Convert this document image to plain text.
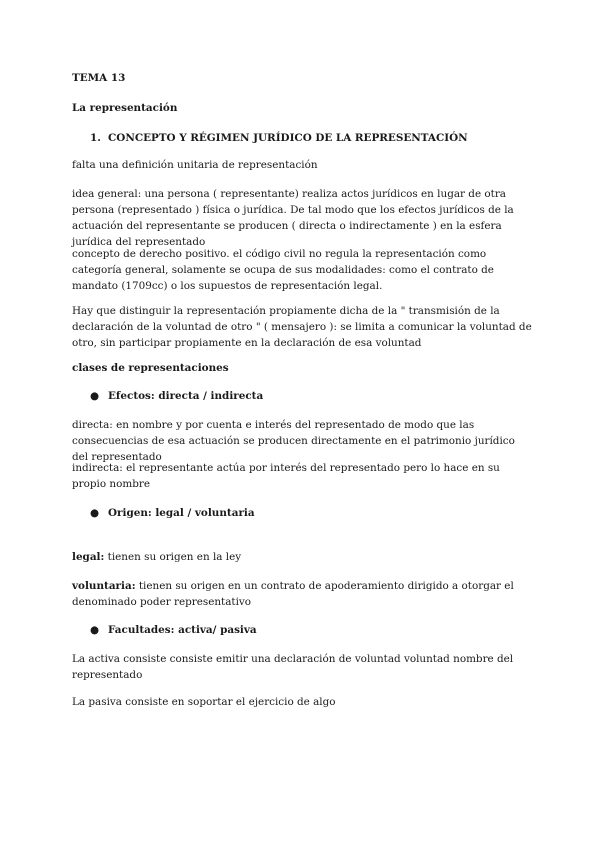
TEMA 13

La representación

1. CONCEPTO Y RÉGIMEN JURÍDICO DE LA REPRESENTACIÓN

falta una definición unitaria de representación

idea general: una persona ( representante) realiza actos jurídicos en lugar de otra persona (representado ) física o jurídica. De tal modo que los efectos jurídicos de la actuación del representante se producen ( directa o indirectamente ) en la esfera jurídica del representado

concepto de derecho positivo. el código civil no regula la representación como categoría general, solamente se ocupa de sus modalidades: como el contrato de mandato (1709cc) o los supuestos de representación legal.

Hay que distinguir la representación propiamente dicha de la " transmisión de la declaración de la voluntad de otro " ( mensajero ): se limita a comunicar la voluntad de otro, sin participar propiamente en la declaración de esa voluntad

clases de representaciones

● Efectos: directa / indirecta

directa: en nombre y por cuenta e interés del representado de modo que las consecuencias de esa actuación se producen directamente en el patrimonio jurídico del representado

indirecta: el representante actúa por interés del representado pero lo hace en su propio nombre

● Origen: legal / voluntaria

legal: tienen su origen en la ley

voluntaria: tienen su origen en un contrato de apoderamiento dirigido a otorgar el denominado poder representativo

● Facultades: activa/ pasiva

La activa consiste consiste emitir una declaración de voluntad voluntad nombre del representado

La pasiva consiste en soportar el ejercicio de algo
